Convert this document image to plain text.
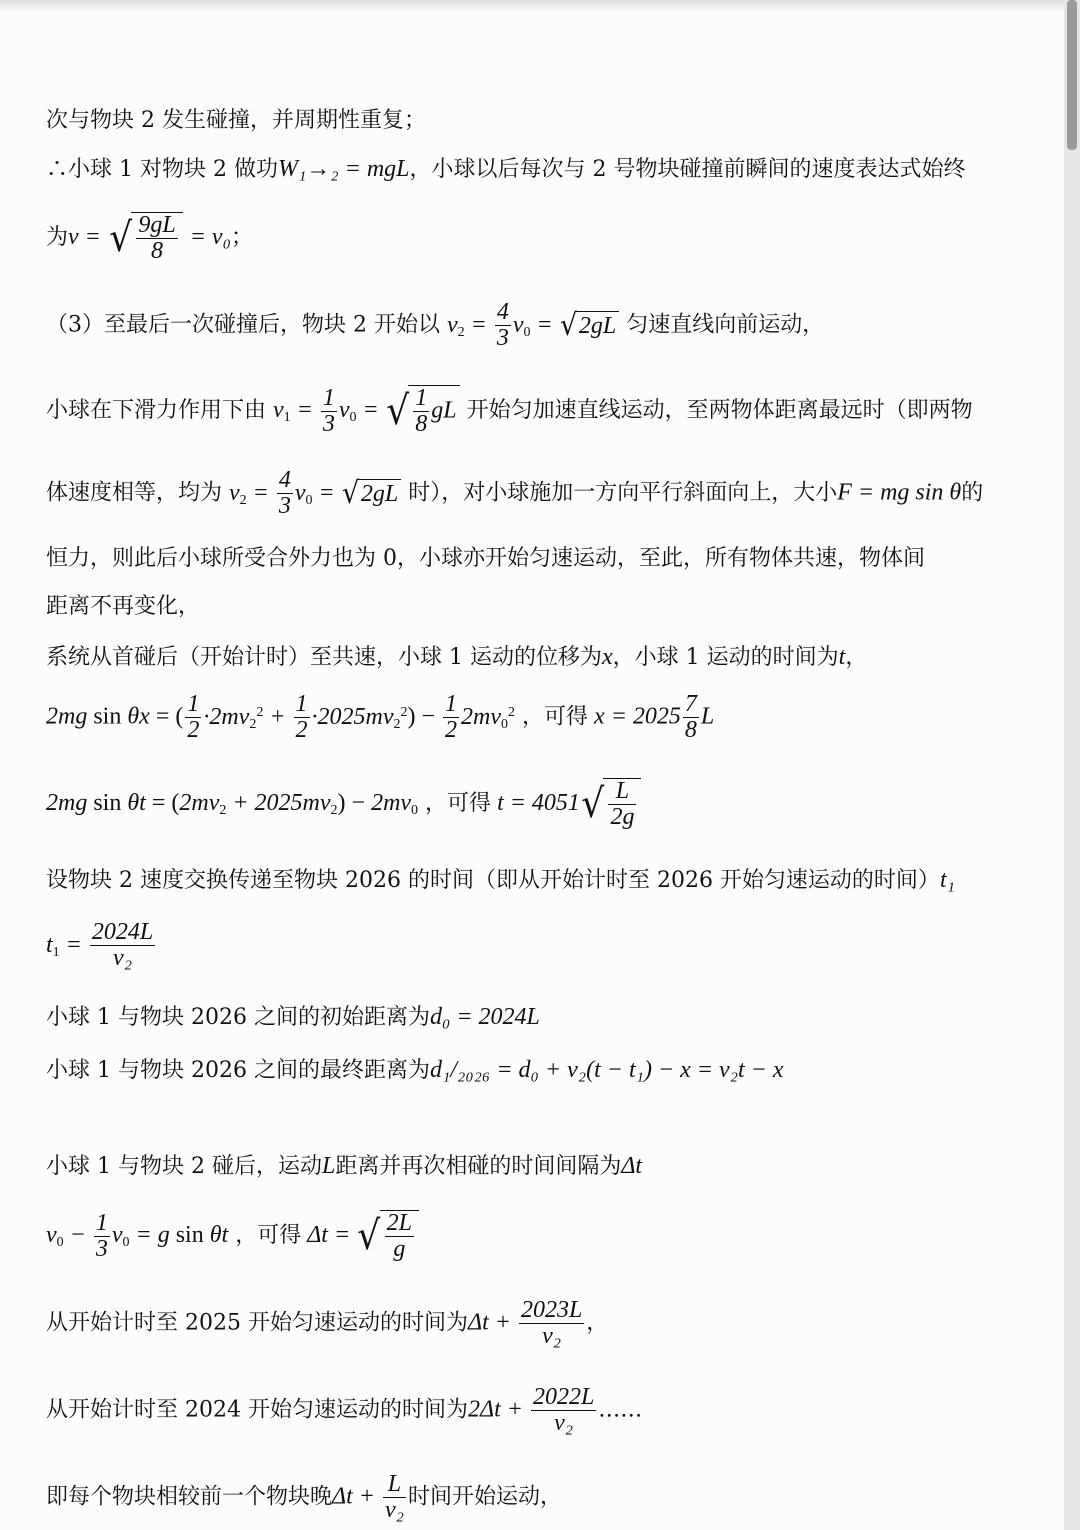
次与物块 2 发生碰撞，并周期性重复；
∴小球 1 对物块 2 做功W₁→₂ = mgL，小球以后每次与 2 号物块碰撞前瞬间的速度表达式始终
为v = √ $\frac{9gL}{8} = v_0$；
（3）至最后一次碰撞后，物块 2 开始以 $v_2 = \frac{4}{3} v_0 = √2gL$ 匀速直线向前运动，
小球在下滑力作用下由 $v_1 = \frac{1}{3} v_0$ = √ $\frac{1}{8}$ gL 开始匀加速直线运动，至两物体距离最远时（即两物
体速度相等，均为 $v_2 = \frac{4}{3} v_0 = √2gL$ 时），对小球施加一方向平行斜面向上，大小F = mg sin θ的
恒力，则此后小球所受合外力也为 0，小球亦开始匀速运动，至此，所有物体共速，物体间
距离不再变化，
系统从首碰后（开始计时）至共速，小球 1 运动的位移为x，小球 1 运动的时间为t，
2mg sin θx = ( $\frac{1}{2} \cdot 2mv_2^2 + \frac{1}{2} \cdot 2025mv_2^2) - \frac{1}{2} 2mv_0^2$ ，可得 $x = 2025 \frac{7}{8}$ L
2mg $\sin \theta t = (2mv_2 + 2025mv_2) - 2mv_0$ ，可得 $t = 4051√ \frac{L}{2g}$
设物块 2 速度交换传递至物块 2026 的时间（即从开始计时至 2026 开始匀速运动的时间）t₁
$t_1 = \frac{2024L}{\text{v₂}}$
小球 1 与物块 2026 之间的初始距离为d₀ = 2024L
小球 1 与物块 2026 之间的最终距离为d₁/₂₀₂₆ = d₀ + v₂(t − t₁) − x = v₂t − x
小球 1 与物块 2 碰后，运动L距离并再次相碰的时间间隔为Δt
$v_0 - \frac{1}{3} v_0 = g$ sin θt ，可得 Δt = √ $\frac{2L}{g}$
从开始计时至 2025 开始匀速运动的时间为$\Delta t + \frac{2023L}{\text{v₂}}$ ，
从开始计时至 2024 开始匀速运动的时间为$2\Delta t + \frac{2022L}{\text{v₂}}$ ……
即每个物块相较前一个物块晚$\Delta t + \frac{L}{\text{v₂}}$ 时间开始运动，
